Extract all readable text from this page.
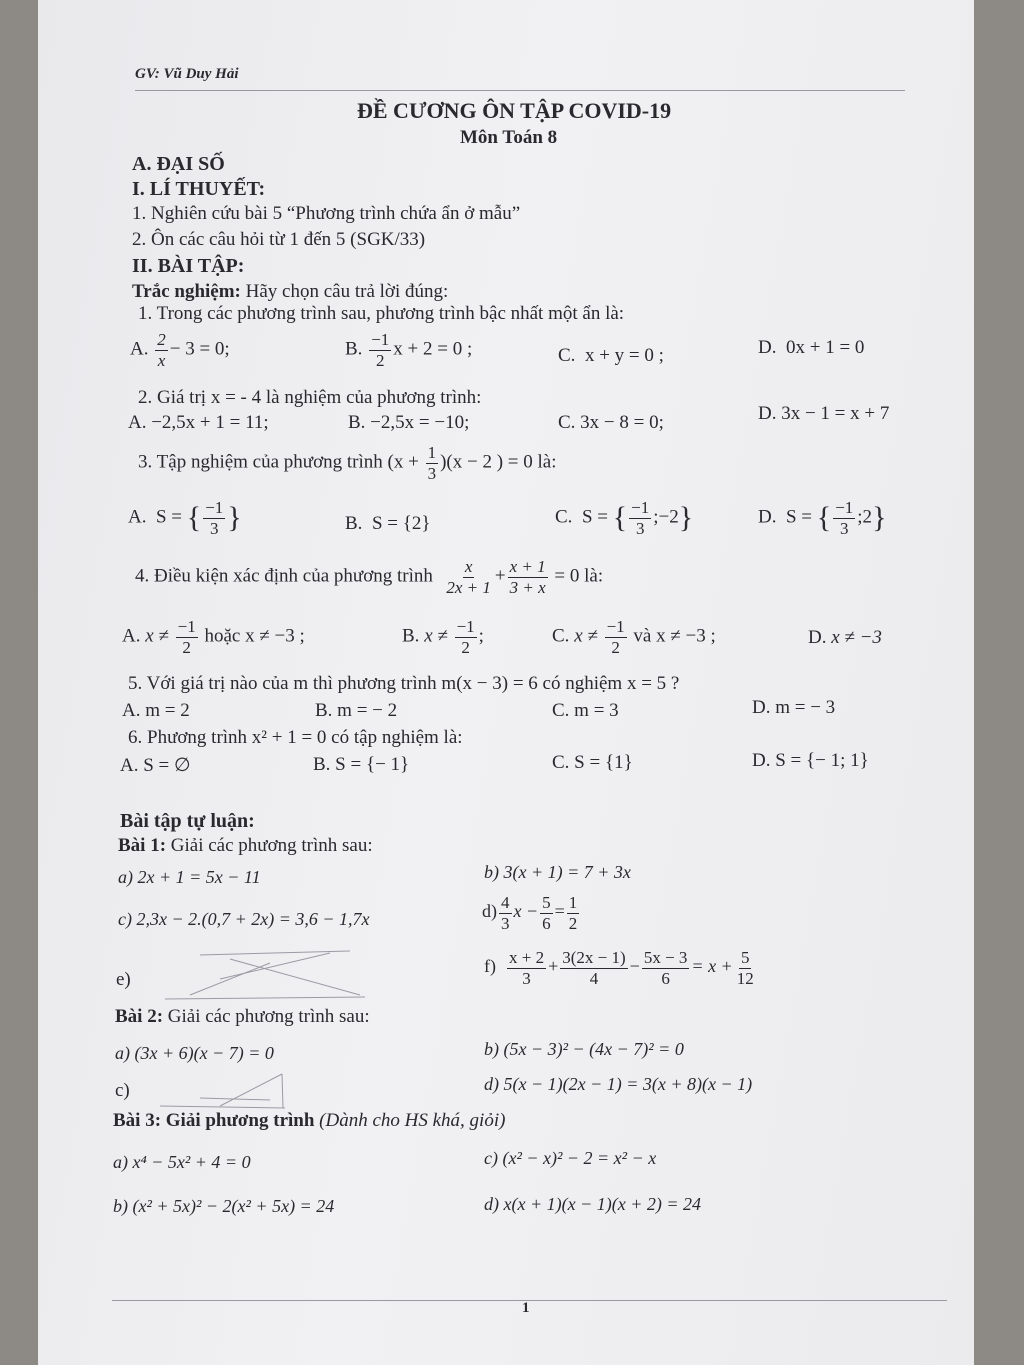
GV: Vũ Duy Hải
ĐỀ CƯƠNG ÔN TẬP COVID-19
Môn Toán 8
A. ĐẠI SỐ
I. LÍ THUYẾT:
1. Nghiên cứu bài 5 “Phương trình chứa ẩn ở mẫu”
2. Ôn các câu hỏi từ 1 đến 5 (SGK/33)
II. BÀI TẬP:
Trắc nghiệm: Hãy chọn câu trả lời đúng:
1. Trong các phương trình sau, phương trình bậc nhất một ẩn là:
A. $\frac{2}{x} - 3 = 0$;	B. $\frac{-1}{2}$ x + 2 = 0 ;	C. x + y = 0 ;	D. 0x + 1 = 0
2. Giá trị x = - 4 là nghiệm của phương trình:
A. −2,5x + 1 = 11;	B. −2,5x = −10;	C. 3x − 8 = 0;	D. 3x − 1 = x + 7
3. Tập nghiệm của phương trình $(x + \frac{1}{3} )(x - 2$ ) = 0 là:
A. S = { $\frac{-1}{3}$ }	B. S = {2}	C. S = { $\frac{-1}{3}$ ;−2}	D. S = { $\frac{-1}{3}$ ;2}
4. Điều kiện xác định của phương trình $\frac{x}{2x + 1} + \frac{x + 1}{3 + x} = 0$ là:
A. $x \ne \frac{-1}{2}$ hoặc x ≠ −3 ;	B. $x \ne \frac{-1}{2}$ ;	C. $x \ne \frac{-1}{2}$ và x ≠ −3 ;	D. x ≠ −3
5. Với giá trị nào của m thì phương trình m(x − 3) = 6 có nghiệm x = 5 ?
A. m = 2	B. m = − 2	C. m = 3	D. m = − 3
6. Phương trình x² + 1 = 0 có tập nghiệm là:
A. S = ∅	B. S = {− 1}	C. S = {1}	D. S = {− 1; 1}
Bài tập tự luận:
Bài 1: Giải các phương trình sau:
a) 2x + 1 = 5x − 11	b) 3(x + 1) = 7 + 3x
c) 2,3x − 2.(0,7 + 2x) = 3,6 − 1,7x	$d) \frac{4}{3}$ $x - \frac{5}{6} = \frac{1}{2}$
e)
$f) \frac{x + 2}{3} + \frac{3(2x - 1)}{4} - \frac{5x - 3}{6} = x + \frac{5}{12}$
Bài 2: Giải các phương trình sau:
a) (3x + 6)(x − 7) = 0	b) (5x − 3)² − (4x − 7)² = 0
c)	d) 5(x − 1)(2x − 1) = 3(x + 8)(x − 1)
Bài 3: Giải phương trình (Dành cho HS khá, giỏi)
a) x⁴ − 5x² + 4 = 0	c) (x² − x)² − 2 = x² − x
b) (x² + 5x)² − 2(x² + 5x) = 24	d) x(x + 1)(x − 1)(x + 2) = 24
1
